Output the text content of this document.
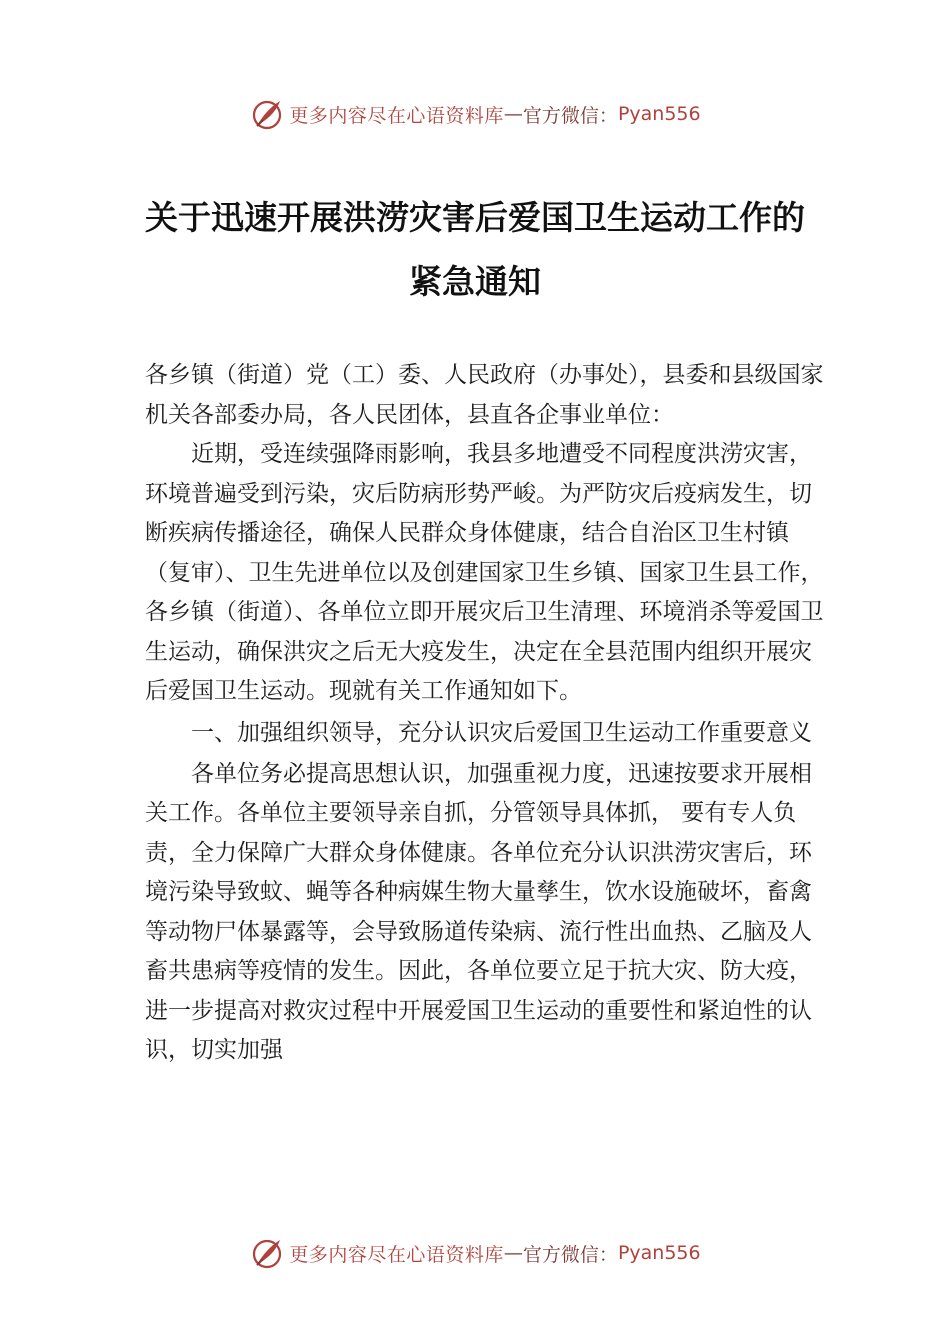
更多内容尽在心语资料库 — 官方微信： Pyan556
关于迅速开展洪涝灾害后爱国卫生运动工作的紧急通知

各乡镇（街道）党（工）委、人民政府（办事处），县委和县级国家机关各部委办局，各人民团体，县直各企事业单位：

近期，受连续强降雨影响，我县多地遭受不同程度洪涝灾害，环境普遍受到污染，灾后防病形势严峻。为严防灾后疫病发生，切断疾病传播途径，确保人民群众身体健康，结合自治区卫生村镇（复审）、卫生先进单位以及创建国家卫生乡镇、国家卫生县工作，各乡镇（街道）、各单位立即开展灾后卫生清理、环境消杀等爱国卫生运动，确保洪灾之后无大疫发生，决定在全县范围内组织开展灾后爱国卫生运动。现就有关工作通知如下。

一、加强组织领导，充分认识灾后爱国卫生运动工作重要意义

各单位务必提高思想认识，加强重视力度，迅速按要求开展相关工作。各单位主要领导亲自抓，分管领导具体抓， 要有专人负责，全力保障广大群众身体健康。各单位充分认识洪涝灾害后，环境污染导致蚊、蝇等各种病媒生物大量孳生，饮水设施破坏，畜禽等动物尸体暴露等，会导致肠道传染病、流行性出血热、乙脑及人畜共患病等疫情的发生。因此，各单位要立足于抗大灾、防大疫，进一步提高对救灾过程中开展爱国卫生运动的重要性和紧迫性的认识，切实加强

更多内容尽在心语资料库 — 官方微信： Pyan556
